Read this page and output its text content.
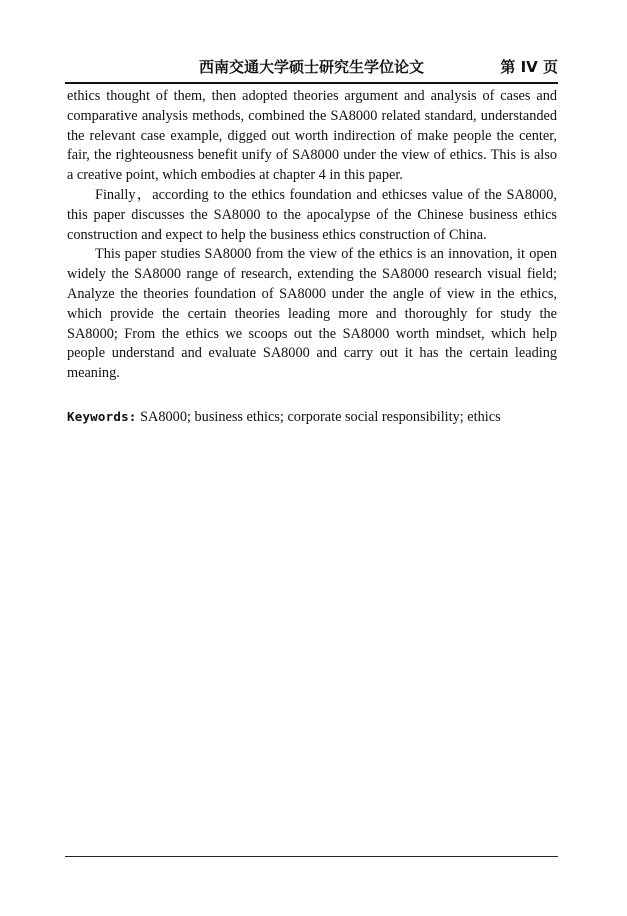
西南交通大学硕士研究生学位论文	第 IV 页

ethics thought of them, then adopted theories argument and analysis of cases and comparative analysis methods, combined the SA8000 related standard, understanded the relevant case example, digged out worth indirection of make people the center, fair, the righteousness benefit unify of SA8000 under the view of ethics. This is also a creative point, which embodies at chapter 4 in this paper.

Finally，according to the ethics foundation and ethicses value of the SA8000, this paper discusses the SA8000 to the apocalypse of the Chinese business ethics construction and expect to help the business ethics construction of China.

This paper studies SA8000 from the view of the ethics is an innovation, it open widely the SA8000 range of research, extending the SA8000 research visual field; Analyze the theories foundation of SA8000 under the angle of view in the ethics, which provide the certain theories leading more and thoroughly for study the SA8000; From the ethics we scoops out the SA8000 worth mindset, which help people understand and evaluate SA8000 and carry out it has the certain leading meaning.

Keywords: SA8000; business ethics; corporate social responsibility; ethics
